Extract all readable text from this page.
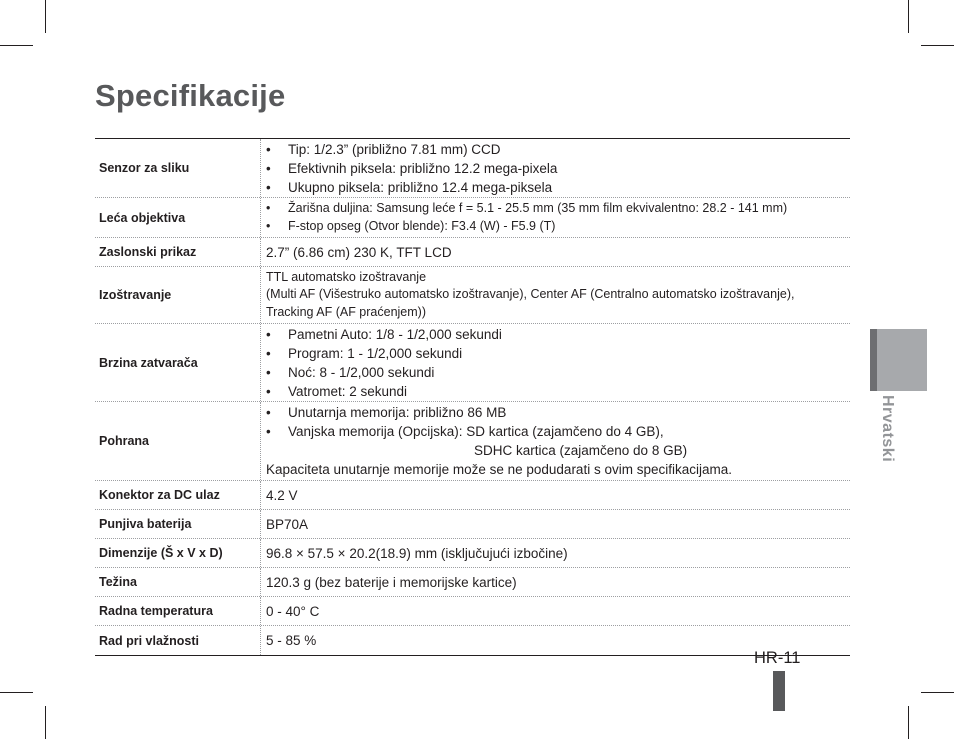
Specifikacije
Senzor za sliku
•	Tip: 1/2.3” (približno 7.81 mm) CCD
•	Efektivnih piksela: približno 12.2 mega-pixela
•	Ukupno piksela: približno 12.4 mega-piksela
Leća objektiva
•	Žarišna duljina: Samsung leće f = 5.1 - 25.5 mm (35 mm film ekvivalentno: 28.2 - 141 mm)
•	F-stop opseg (Otvor blende): F3.4 (W) - F5.9 (T)
Zaslonski prikaz	2.7” (6.86 cm) 230 K, TFT LCD
Izoštravanje
TTL automatsko izoštravanje
(Multi AF (Višestruko automatsko izoštravanje), Center AF (Centralno automatsko izoštravanje),
Tracking AF (AF praćenjem))
Brzina zatvarača
•	Pametni Auto: 1/8 - 1/2,000 sekundi
•	Program: 1 - 1/2,000 sekundi
•	Noć: 8 - 1/2,000 sekundi
•	Vatromet: 2 sekundi
Pohrana
•	Unutarnja memorija: približno 86 MB
•	Vanjska memorija (Opcijska): SD kartica (zajamčeno do 4 GB),
SDHC kartica (zajamčeno do 8 GB)
Kapaciteta unutarnje memorije može se ne podudarati s ovim specifikacijama.
Konektor za DC ulaz	4.2 V
Punjiva baterija	BP70A
Dimenzije (Š x V x D)	96.8 × 57.5 × 20.2(18.9) mm (isključujući izbočine)
Težina	120.3 g (bez baterije i memorijske kartice)
Radna temperatura	0 - 40° C
Rad pri vlažnosti	5 - 85 %
Hrvatski
HR-11
